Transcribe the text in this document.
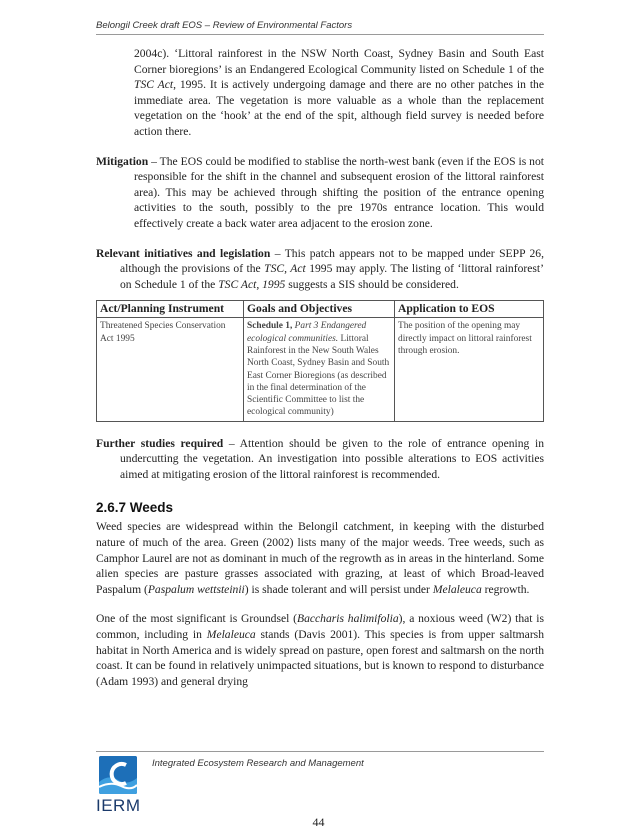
Belongil Creek draft EOS – Review of Environmental Factors

2004c). ‘Littoral rainforest in the NSW North Coast, Sydney Basin and South East Corner bioregions’ is an Endangered Ecological Community listed on Schedule 1 of the TSC Act, 1995. It is actively undergoing damage and there are no other patches in the immediate area. The vegetation is more valuable as a whole than the replacement vegetation on the ‘hook’ at the end of the spit, although field survey is needed before action there.

Mitigation – The EOS could be modified to stablise the north-west bank (even if the EOS is not responsible for the shift in the channel and subsequent erosion of the littoral rainforest area). This may be achieved through shifting the position of the entrance opening activities to the south, possibly to the pre 1970s entrance location. This would effectively create a back water area adjacent to the erosion zone.

Relevant initiatives and legislation – This patch appears not to be mapped under SEPP 26, although the provisions of the TSC, Act 1995 may apply. The listing of ‘littoral rainforest’ on Schedule 1 of the TSC Act, 1995 suggests a SIS should be considered.

Act/Planning Instrument	Goals and Objectives	Application to EOS
Threatened Species Conservation Act 1995	Schedule 1, Part 3 Endangered ecological communities. Littoral Rainforest in the New South Wales North Coast, Sydney Basin and South East Corner Bioregions (as described in the final determination of the Scientific Committee to list the ecological community)	The position of the opening may directly impact on littoral rainforest through erosion.

Further studies required – Attention should be given to the role of entrance opening in undercutting the vegetation. An investigation into possible alterations to EOS activities aimed at mitigating erosion of the littoral rainforest is recommended.

2.6.7 Weeds

Weed species are widespread within the Belongil catchment, in keeping with the disturbed nature of much of the area. Green (2002) lists many of the major weeds. Tree weeds, such as Camphor Laurel are not as dominant in much of the regrowth as in areas in the hinterland. Some alien species are pasture grasses associated with grazing, at least of which Broad-leaved Paspalum (Paspalum wettsteinii) is shade tolerant and will persist under Melaleuca regrowth.

One of the most significant is Groundsel (Baccharis halimifolia), a noxious weed (W2) that is common, including in Melaleuca stands (Davis 2001). This species is from upper saltmarsh habitat in North America and is widely spread on pasture, open forest and saltmarsh on the north coast. It can be found in relatively unimpacted situations, but is known to respond to disturbance (Adam 1993) and general drying

IERM
Integrated Ecosystem Research and Management
44
